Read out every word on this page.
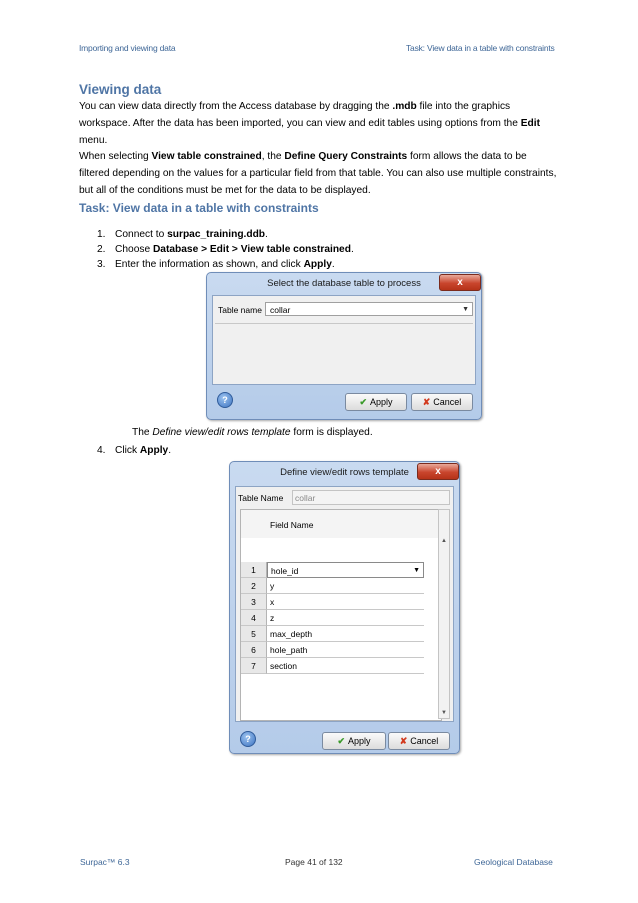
Importing and viewing data	Task: View data in a table with constraints
Viewing data
You can view data directly from the Access database by dragging the .mdb file into the graphics workspace. After the data has been imported, you can view and edit tables using options from the Edit menu.
When selecting View table constrained, the Define Query Constraints form allows the data to be filtered depending on the values for a particular field from that table. You can also use multiple constraints, but all of the conditions must be met for the data to be displayed.
Task: View data in a table with constraints
1. Connect to surpac_training.ddb.
2. Choose Database > Edit > View table constrained.
3. Enter the information as shown, and click Apply.
Select the database table to process	x
Table name collar	▼
?	✔ Apply	✘ Cancel
The Define view/edit rows template form is displayed.
4. Click Apply.
Define view/edit rows template	x
Table Name	collar
Field Name
1	hole_id	▼
2	y
3	x
4	z
5	max_depth
6	hole_path
7	section
▲
▼
?	✔ Apply	✘ Cancel
Surpac™ 6.3	Page 41 of 132	Geological Database
